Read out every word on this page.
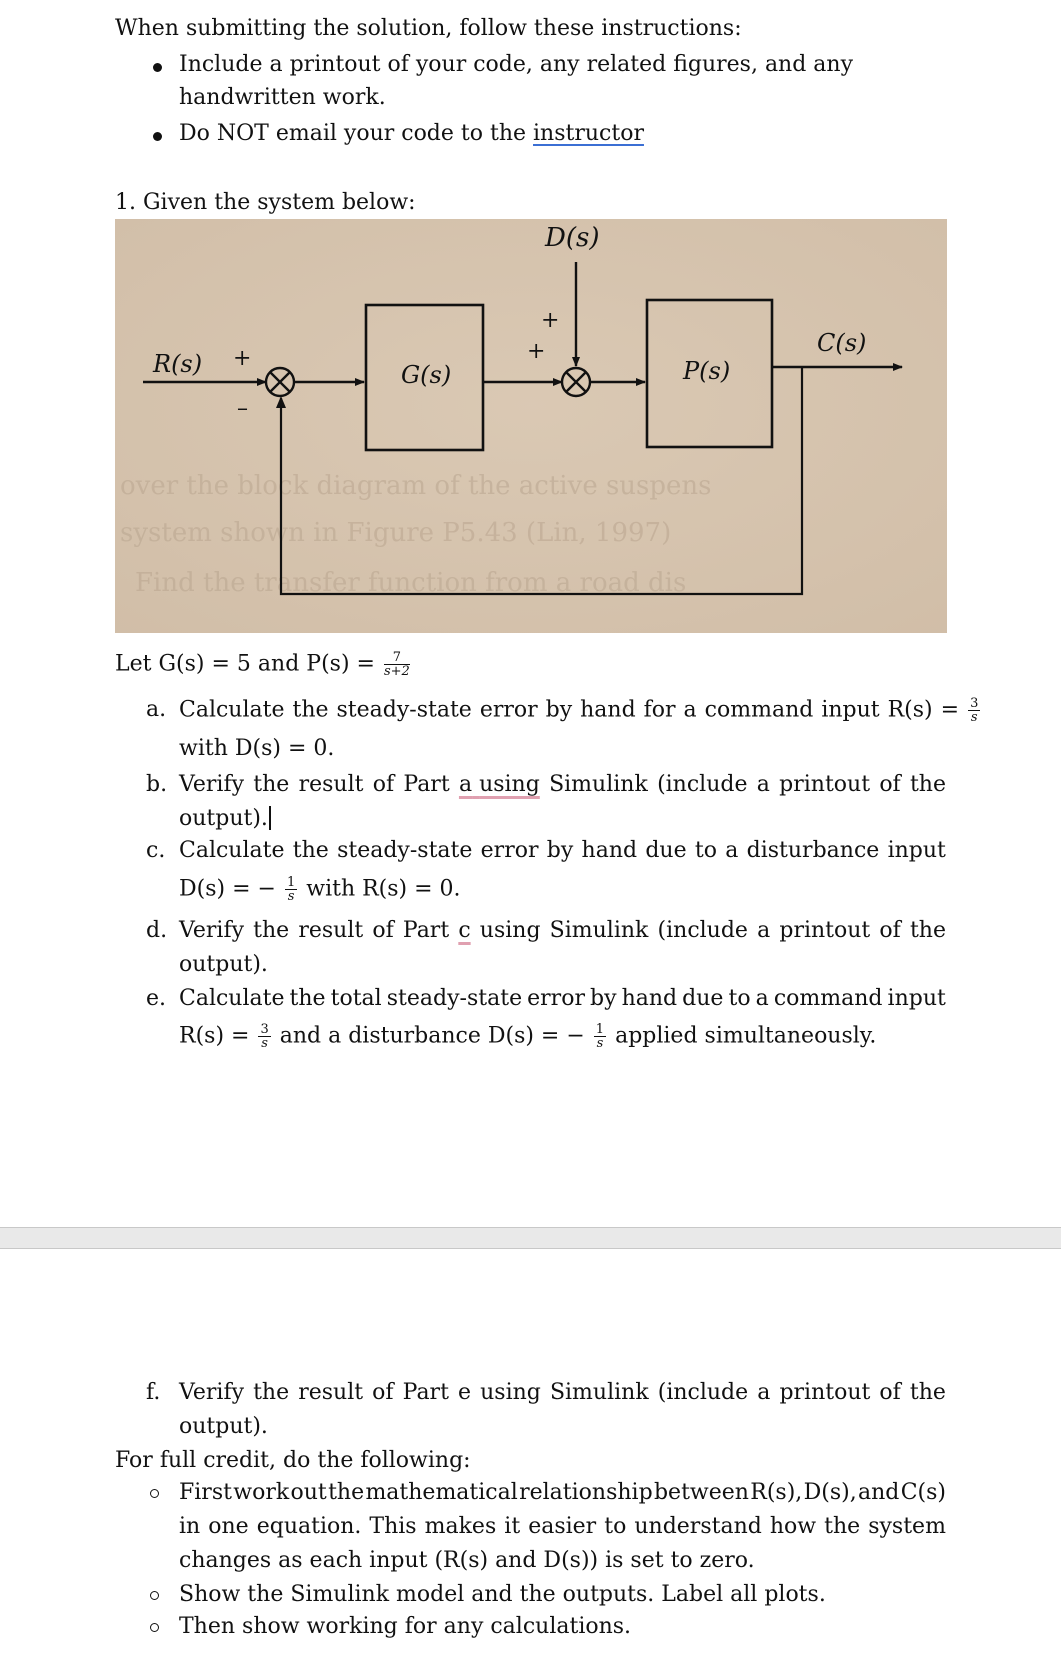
When submitting the solution, follow these instructions:
Include a printout of your code, any related figures, and any
handwritten work.
Do NOT email your code to the instructor
1. Given the system below:
over the block diagram of the active suspens
system shown in Figure P5.43 (Lin, 1997)
Find the transfer function from a road dis
R(s) +
–
G(s)
D(s)
+
+
P(s)
C(s)
Let G(s) = 5 and $P(s) = \frac{7}{s+2}$
a. Calculate the steady-state error by hand for a command input $R(s) = \frac{3}{s}$
with D(s) = 0.
b. Verify the result of Part a using Simulink (include a printout of the
output).
c. Calculate the steady-state error by hand due to a disturbance input
D(s) = − $\frac{1}{s}$ with R(s) = 0.
d. Verify the result of Part c using Simulink (include a printout of the
output).
e. Calculate the total steady-state error by hand due to a command input
$R(s) = \frac{3}{s}$ and a disturbance D(s) = − $\frac{1}{s}$ applied simultaneously.
f. Verify the result of Part e using Simulink (include a printout of the
output).
For full credit, do the following:
First work out the mathematical relationship between R(s), D(s), and C(s)
in one equation. This makes it easier to understand how the system
changes as each input (R(s) and D(s)) is set to zero.
Show the Simulink model and the outputs. Label all plots.
Then show working for any calculations.
